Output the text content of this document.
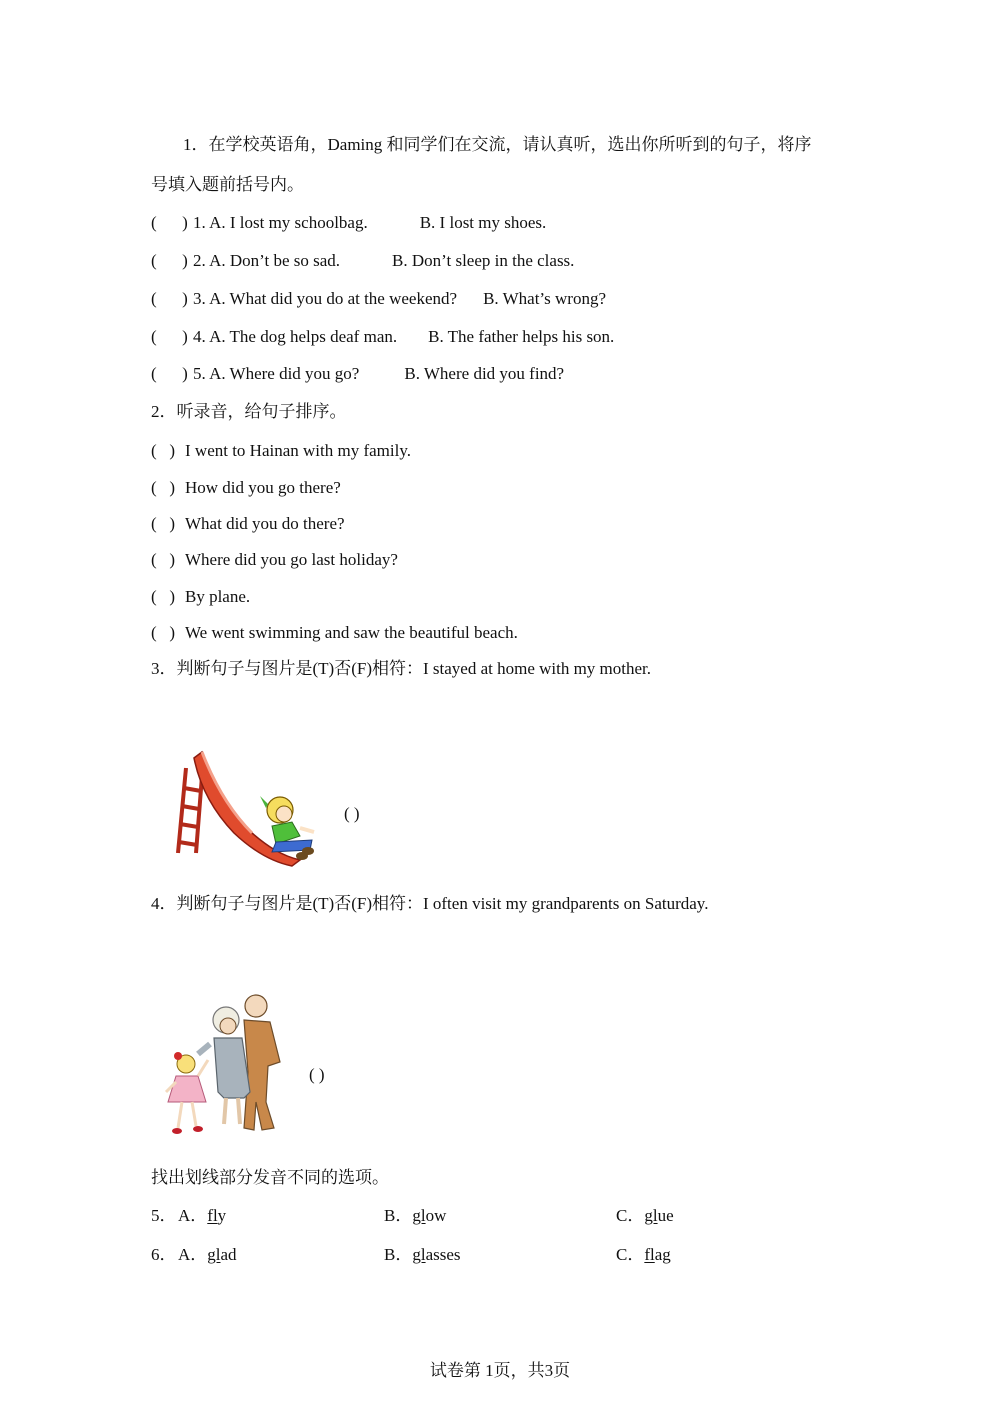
1．在学校英语角，Daming 和同学们在交流，请认真听，选出你所听到的句子，将序
号填入题前括号内。
(      ) 1. A. I lost my schoolbag.	B. I lost my shoes.
(      ) 2. A. Don’t be so sad.	B. Don’t sleep in the class.
(      ) 3. A. What did you do at the weekend? B. What’s wrong?
(      ) 4. A. The dog helps deaf man. B. The father helps his son.
(      ) 5. A. Where did you go?	B. Where did you find?
2．听录音，给句子排序。
(   ) I went to Hainan with my family.
(   ) How did you go there?
(   ) What did you do there?
(   ) Where did you go last holiday?
(   ) By plane.
(   ) We went swimming and saw the beautiful beach.
3．判断句子与图片是(T)否(F)相符：I stayed at home with my mother.
( )
4．判断句子与图片是(T)否(F)相符：I often visit my grandparents on Saturday.
( )
找出划线部分发音不同的选项。
5． A．fly	B．glow	C．glue
6． A．glad	B．glasses	C．flag
试卷第 1页，共3页
